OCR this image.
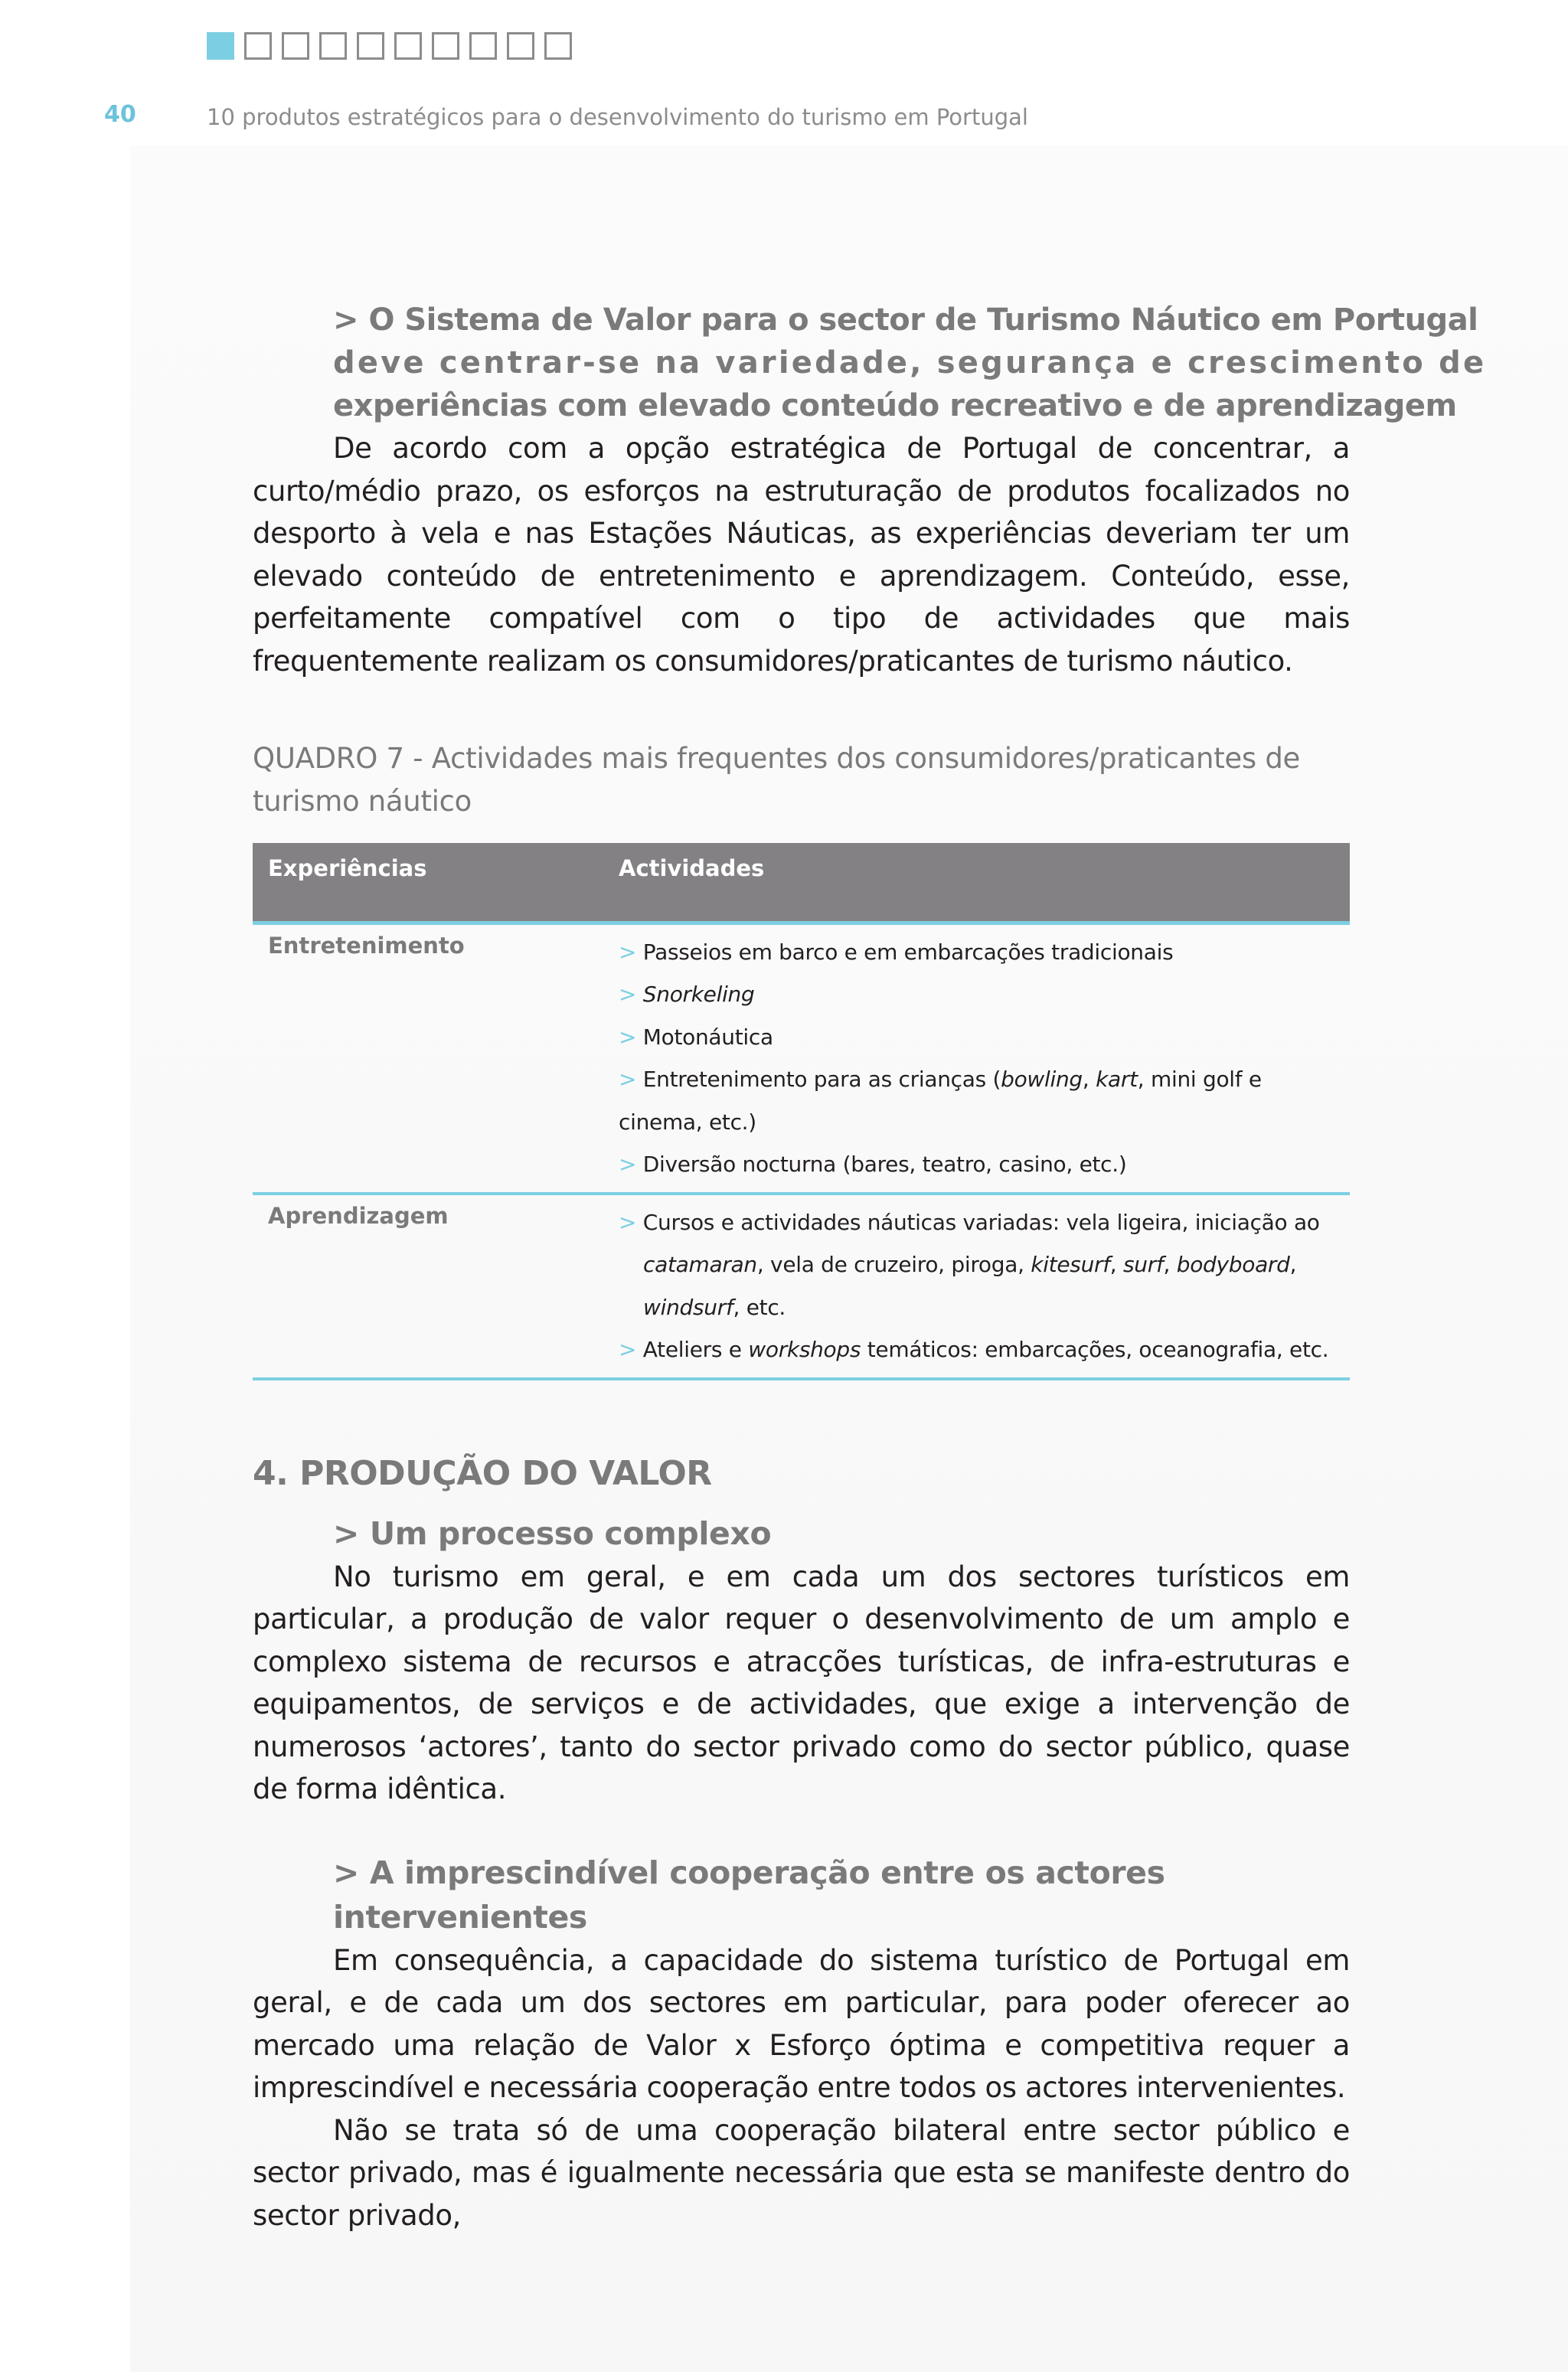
40	10 produtos estratégicos para o desenvolvimento do turismo em Portugal
> O Sistema de Valor para o sector de Turismo Náutico em Portugal
deve centrar-se na variedade, segurança e crescimento de
experiências com elevado conteúdo recreativo e de aprendizagem
De acordo com a opção estratégica de Portugal de concentrar, a curto/médio prazo, os esforços na estruturação de produtos focalizados no desporto à vela e nas Estações Náuticas, as experiências deveriam ter um elevado conteúdo de entretenimento e aprendizagem. Conteúdo, esse, perfeitamente compatível com o tipo de actividades que mais frequentemente realizam os consumidores/praticantes de turismo náutico.
QUADRO 7 - Actividades mais frequentes dos consumidores/praticantes de turismo náutico
Experiências	Actividades
Entretenimento	> Passeios em barco e em embarcações tradicionais
> Snorkeling
> Motonáutica
> Entretenimento para as crianças (bowling, kart, mini golf e cinema, etc.)
> Diversão nocturna (bares, teatro, casino, etc.)

Aprendizagem	> Cursos e actividades náuticas variadas: vela ligeira, iniciação ao
catamaran, vela de cruzeiro, piroga, kitesurf, surf, bodyboard,
windsurf, etc.
> Ateliers e workshops temáticos: embarcações, oceanografia, etc.
4. PRODUÇÃO DO VALOR
> Um processo complexo
No turismo em geral, e em cada um dos sectores turísticos em particular, a produção de valor requer o desenvolvimento de um amplo e complexo sistema de recursos e atracções turísticas, de infra-estruturas e equipamentos, de serviços e de actividades, que exige a intervenção de numerosos ‘actores’, tanto do sector privado como do sector público, quase de forma idêntica.
> A imprescindível cooperação entre os actores intervenientes
Em consequência, a capacidade do sistema turístico de Portugal em geral, e de cada um dos sectores em particular, para poder oferecer ao mercado uma relação de Valor x Esforço óptima e competitiva requer a imprescindível e necessária cooperação entre todos os actores intervenientes.
Não se trata só de uma cooperação bilateral entre sector público e sector privado, mas é igualmente necessária que esta se manifeste dentro do sector privado,
